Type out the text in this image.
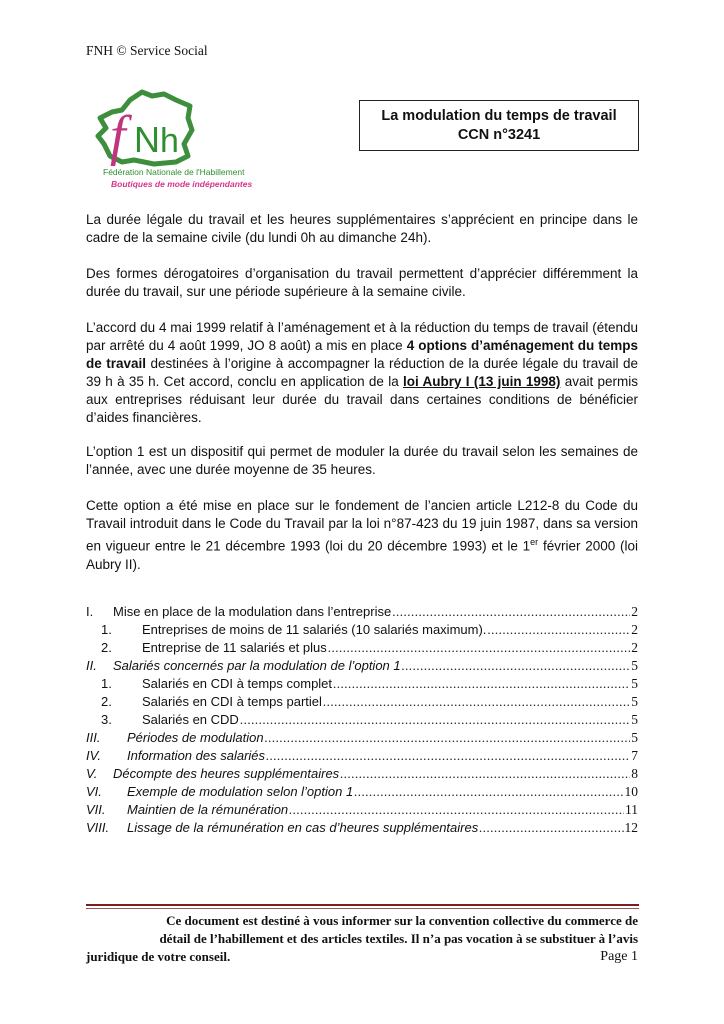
FNH © Service Social
f N h
Fédération Nationale de l'Habillement
Boutiques de mode indépendantes
La modulation du temps de travail
CCN n°3241

La durée légale du travail et les heures supplémentaires s’apprécient en principe dans le cadre de la semaine civile (du lundi 0h au dimanche 24h).

Des formes dérogatoires d’organisation du travail permettent d’apprécier différemment la durée du travail, sur une période supérieure à la semaine civile.

L’accord du 4 mai 1999 relatif à l’aménagement et à la réduction du temps de travail (étendu par arrêté du 4 août 1999, JO 8 août) a mis en place 4 options d’aménagement du temps de travail destinées à l’origine à accompagner la réduction de la durée légale du travail de 39 h à 35 h. Cet accord, conclu en application de la loi Aubry I (13 juin 1998) avait permis aux entreprises réduisant leur durée du travail dans certaines conditions de bénéficier d’aides financières.

L’option 1 est un dispositif qui permet de moduler la durée du travail selon les semaines de l’année, avec une durée moyenne de 35 heures.

Cette option a été mise en place sur le fondement de l’ancien article L212-8 du Code du Travail introduit dans le Code du Travail par la loi n°87-423 du 19 juin 1987, dans sa version en vigueur entre le 21 décembre 1993 (loi du 20 décembre 1993) et le 1er février 2000 (loi Aubry II).

I.	Mise en place de la modulation dans l’entreprise .....	2
1.	Entreprises de moins de 11 salariés (10 salariés maximum). .....	2
2.	Entreprise de 11 salariés et plus .....	2
II.	Salariés concernés par la modulation de l’option 1 .....	5
1.	Salariés en CDI à temps complet .....	5
2.	Salariés en CDI à temps partiel .....	5
3.	Salariés en CDD .....	5
III.	Périodes de modulation .....	5
IV.	Information des salariés .....	7
V.	Décompte des heures supplémentaires .....	8
VI.	Exemple de modulation selon l’option 1 .....	10
VII.	Maintien de la rémunération .....	11
VIII.	Lissage de la rémunération en cas d’heures supplémentaires .....	12
Ce document est destiné à vous informer sur la convention collective du commerce de
détail de l’habillement et des articles textiles. Il n’a pas vocation à se substituer à l’avis
juridique de votre conseil.	Page 1
